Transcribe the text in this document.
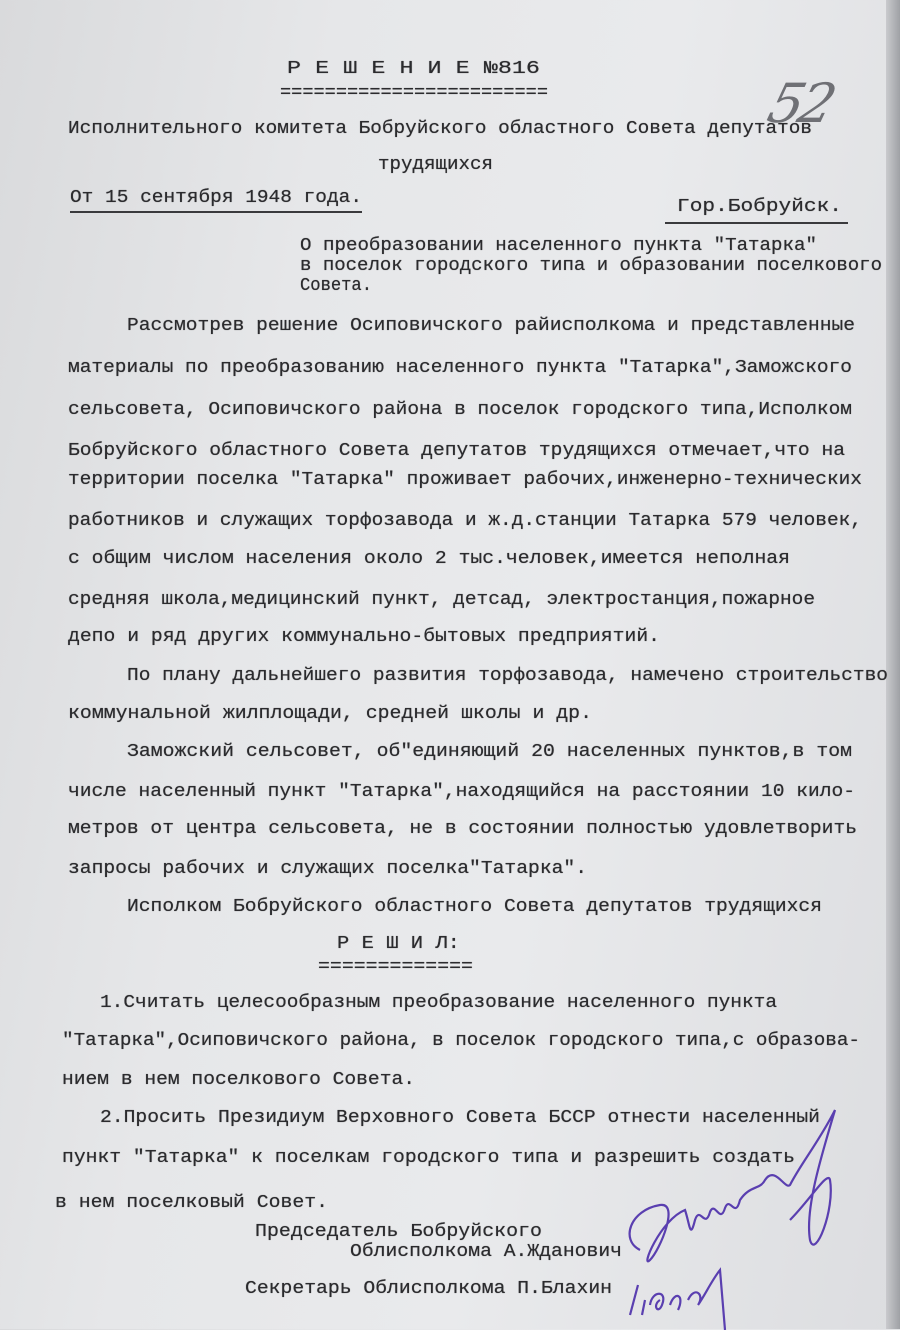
52
Р Е Ш Е Н И Е №816
========================
Исполнительного комитета Бобруйского областного Совета депутатов
трудящихся
От 15 сентября 1948 года.	Гор.Бобруйск.
О преобразовании населенного пункта "Татарка"
в поселок городского типа и образовании поселкового
Совета.
Рассмотрев решение Осиповичского райисполкома и представленные
материалы по преобразованию населенного пункта "Татарка",Заможского
сельсовета, Осиповичского района в поселок городского типа,Исполком
Бобруйского областного Совета депутатов трудящихся отмечает,что на
территории поселка "Татарка" проживает рабочих,инженерно-технических
работников и служащих торфозавода и ж.д.станции Татарка 579 человек,
с общим числом населения около 2 тыс.человек,имеется неполная
средняя школа,медицинский пункт, детсад, электростанция,пожарное
депо и ряд других коммунально-бытовых предприятий.
По плану дальнейшего развития торфозавода, намечено строительство
коммунальной жилплощади, средней школы и др.
Заможский сельсовет, об"единяющий 20 населенных пунктов,в том
числе населенный пункт "Татарка",находящийся на расстоянии 10 кило-
метров от центра сельсовета, не в состоянии полностью удовлетворить
запросы рабочих и служащих поселка"Татарка".
Исполком Бобруйского областного Совета депутатов трудящихся
Р Е Ш И Л:
=============
1.Считать целесообразным преобразование населенного пункта
"Татарка",Осиповичского района, в поселок городского типа,с образова-
нием в нем поселкового Совета.
2.Просить Президиум Верховного Совета БССР отнести населенный
пункт "Татарка" к поселкам городского типа и разрешить создать
в нем поселковый Совет.
Председатель Бобруйского
Облисполкома А.Жданович
Секретарь Облисполкома П.Блахин
